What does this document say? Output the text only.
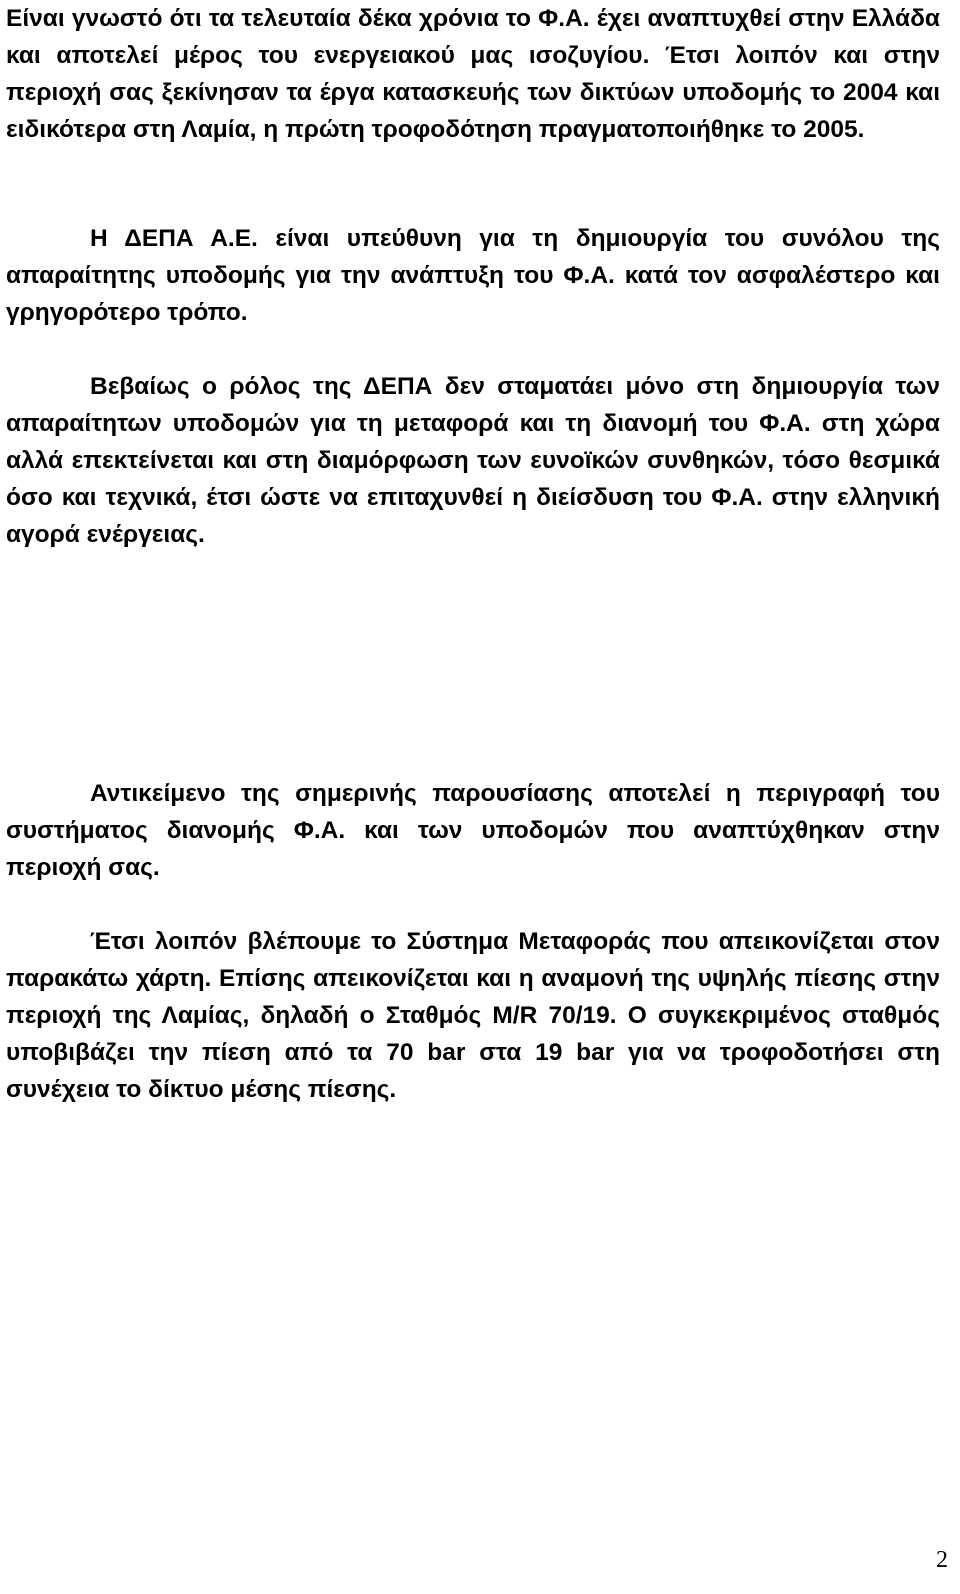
Είναι γνωστό ότι τα τελευταία δέκα χρόνια το Φ.Α. έχει αναπτυχθεί στην Ελλάδα και αποτελεί μέρος του ενεργειακού μας ισοζυγίου. Έτσι λοιπόν και στην περιοχή σας ξεκίνησαν τα έργα κατασκευής των δικτύων υποδομής το 2004 και ειδικότερα στη Λαμία, η πρώτη τροφοδότηση πραγματοποιήθηκε το 2005.

Η ΔΕΠΑ Α.Ε. είναι υπεύθυνη για τη δημιουργία του συνόλου της απαραίτητης υποδομής για την ανάπτυξη του Φ.Α. κατά τον ασφαλέστερο και γρηγορότερο τρόπο.

Βεβαίως ο ρόλος της ΔΕΠΑ δεν σταματάει μόνο στη δημιουργία των απαραίτητων υποδομών για τη μεταφορά και τη διανομή του Φ.Α. στη χώρα αλλά επεκτείνεται και στη διαμόρφωση των ευνοϊκών συνθηκών, τόσο θεσμικά όσο και τεχνικά, έτσι ώστε να επιταχυνθεί η διείσδυση του Φ.Α. στην ελληνική αγορά ενέργειας.

Αντικείμενο της σημερινής παρουσίασης αποτελεί η περιγραφή του συστήματος διανομής Φ.Α. και των υποδομών που αναπτύχθηκαν στην περιοχή σας.

Έτσι λοιπόν βλέπουμε το Σύστημα Μεταφοράς που απεικονίζεται στον παρακάτω χάρτη. Επίσης απεικονίζεται και η αναμονή της υψηλής πίεσης στην περιοχή της Λαμίας, δηλαδή ο Σταθμός Μ/R 70/19. Ο συγκεκριμένος σταθμός υποβιβάζει την πίεση από τα 70 bar στα 19 bar για να τροφοδοτήσει στη συνέχεια το δίκτυο μέσης πίεσης.

2
